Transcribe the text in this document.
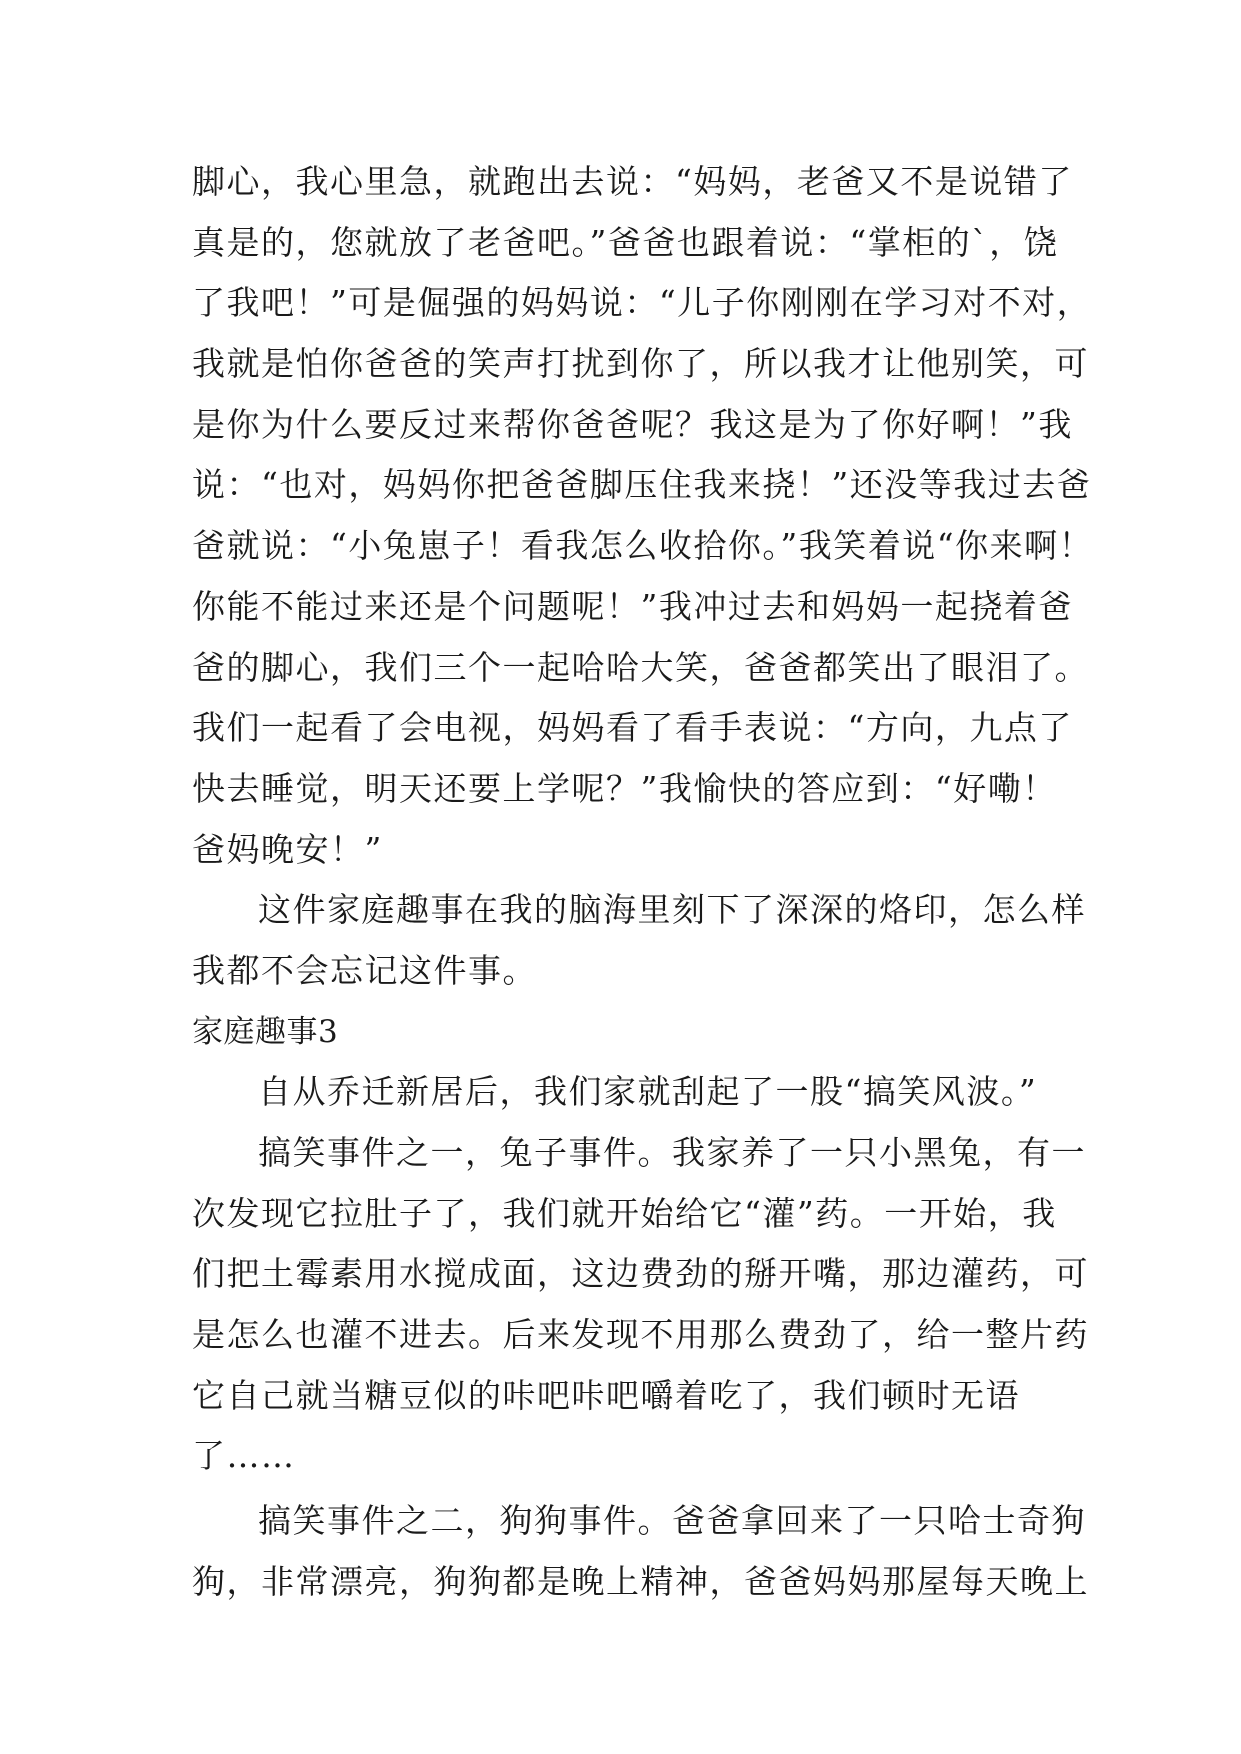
脚心，我心里急，就跑出去说：“妈妈，老爸又不是说错了
真是的，您就放了老爸吧。”爸爸也跟着说：“掌柜的`，饶
了我吧！”可是倔强的妈妈说：“儿子你刚刚在学习对不对，
我就是怕你爸爸的笑声打扰到你了，所以我才让他别笑，可
是你为什么要反过来帮你爸爸呢？我这是为了你好啊！”我
说：“也对，妈妈你把爸爸脚压住我来挠！”还没等我过去爸
爸就说：“小兔崽子！看我怎么收拾你。”我笑着说“你来啊！
你能不能过来还是个问题呢！”我冲过去和妈妈一起挠着爸
爸的脚心，我们三个一起哈哈大笑，爸爸都笑出了眼泪了。
我们一起看了会电视，妈妈看了看手表说：“方向，九点了
快去睡觉，明天还要上学呢？”我愉快的答应到：“好嘞！
爸妈晚安！”
这件家庭趣事在我的脑海里刻下了深深的烙印，怎么样
我都不会忘记这件事。
家庭趣事3
自从乔迁新居后，我们家就刮起了一股“搞笑风波。”
搞笑事件之一，兔子事件。我家养了一只小黑兔，有一
次发现它拉肚子了，我们就开始给它“灌”药。一开始，我
们把土霉素用水搅成面，这边费劲的掰开嘴，那边灌药，可
是怎么也灌不进去。后来发现不用那么费劲了，给一整片药
它自己就当糖豆似的咔吧咔吧嚼着吃了，我们顿时无语
了……
搞笑事件之二，狗狗事件。爸爸拿回来了一只哈士奇狗
狗，非常漂亮，狗狗都是晚上精神，爸爸妈妈那屋每天晚上
